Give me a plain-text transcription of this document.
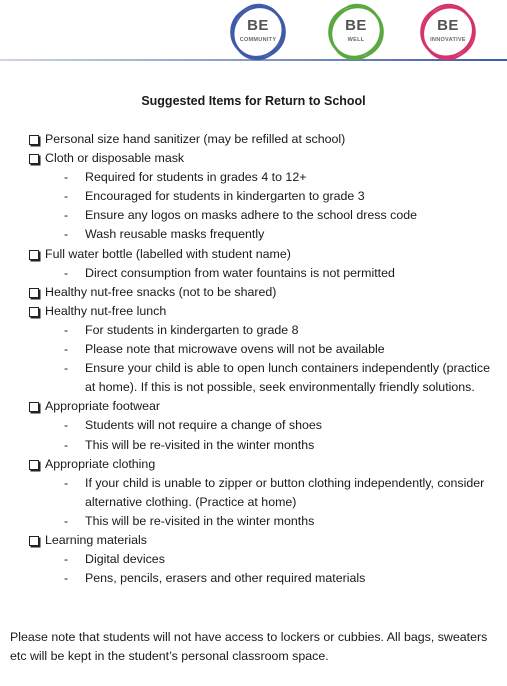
BE
COMMUNITY
BE
WELL
BE
INNOVATIVE
Suggested Items for Return to School
Personal size hand sanitizer (may be refilled at school)
Cloth or disposable mask
- Required for students in grades 4 to 12+
- Encouraged for students in kindergarten to grade 3
- Ensure any logos on masks adhere to the school dress code
- Wash reusable masks frequently
Full water bottle (labelled with student name)
- Direct consumption from water fountains is not permitted
Healthy nut-free snacks (not to be shared)
Healthy nut-free lunch
- For students in kindergarten to grade 8
- Please note that microwave ovens will not be available
- Ensure your child is able to open lunch containers independently (practice at home). If this is not possible, seek environmentally friendly solutions.
Appropriate footwear
- Students will not require a change of shoes
- This will be re-visited in the winter months
Appropriate clothing
- If your child is unable to zipper or button clothing independently, consider alternative clothing. (Practice at home)
- This will be re-visited in the winter months
Learning materials
- Digital devices
- Pens, pencils, erasers and other required materials
Please note that students will not have access to lockers or cubbies. All bags, sweaters etc will be kept in the student’s personal classroom space.
